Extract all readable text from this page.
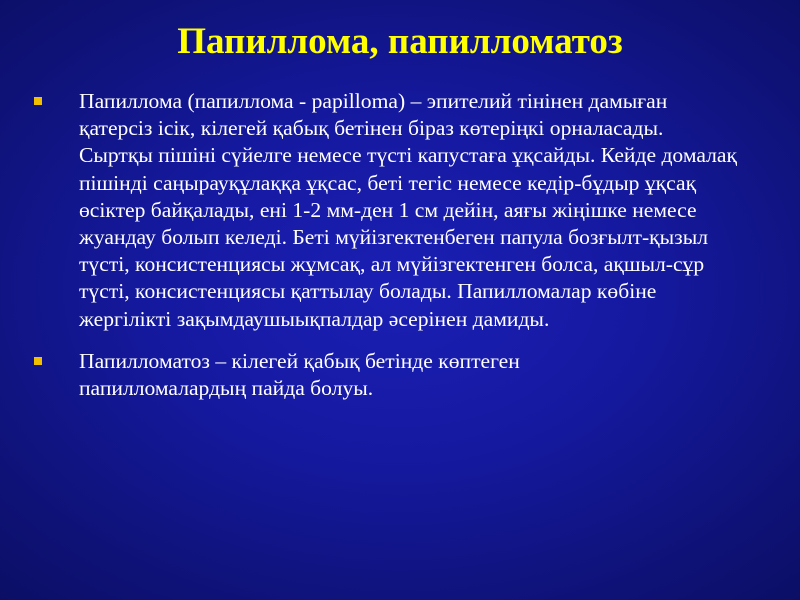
Папиллома, папилломатоз
Папиллома (папиллома - papilloma) – эпителий тінінен дамыған қатерсіз ісік, кілегей қабық бетінен біраз көтеріңкі орналасады. Сыртқы пішіні сүйелге немесе түсті капустаға ұқсайды. Кейде домалақ пішінді саңырауқұлаққа ұқсас, беті тегіс немесе кедір-бұдыр ұқсақ өсіктер байқалады, ені 1-2 мм-ден 1 см дейін, аяғы жіңішке немесе жуандау болып келеді. Беті мүйізгектенбеген папула бозғылт-қызыл түсті, консистенциясы жұмсақ, ал мүйізгектенген болса, ақшыл-сұр түсті, консистенциясы қаттылау болады. Папилломалар көбіне жергілікті зақымдаушыықпалдар әсерінен дамиды.
Папилломатоз – кілегей қабық бетінде көптеген папилломалардың пайда болуы.
